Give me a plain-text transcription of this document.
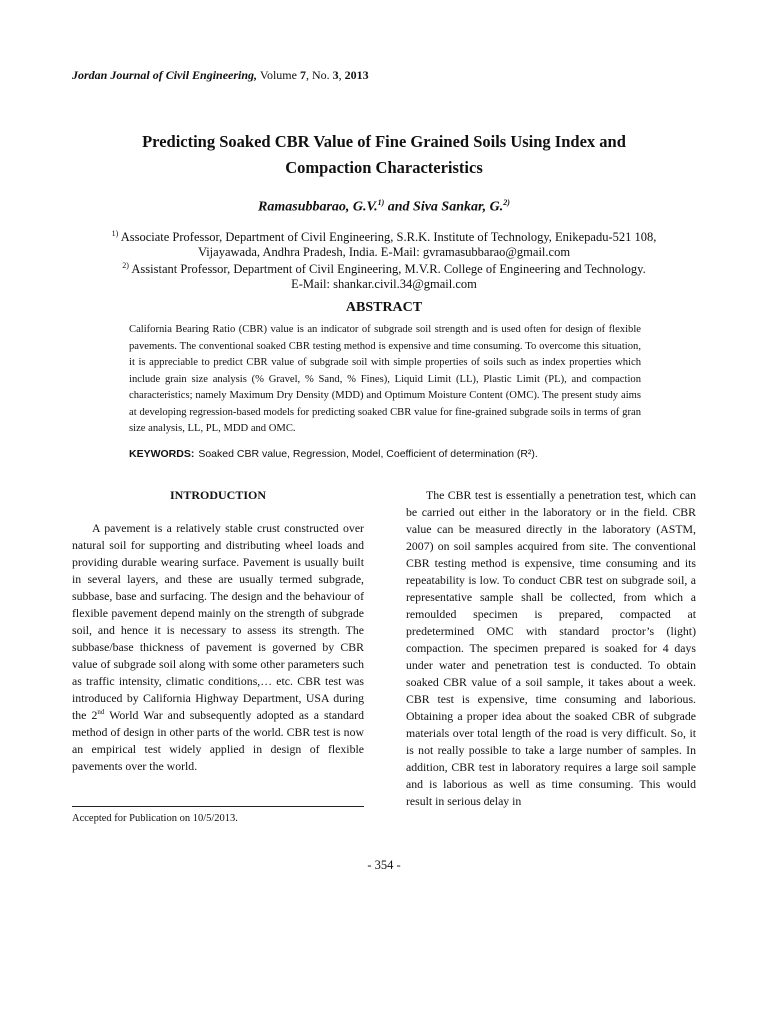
Jordan Journal of Civil Engineering, Volume 7, No. 3, 2013
Predicting Soaked CBR Value of Fine Grained Soils Using Index and
Compaction Characteristics
Ramasubbarao, G.V.$^{1)}$ and Siva Sankar, G.$^{2)}$
$^{1)}$ Associate Professor, Department of Civil Engineering, S.R.K. Institute of Technology, Enikepadu-521 108,
Vijayawada, Andhra Pradesh, India. E-Mail: gvramasubbarao@gmail.com
$^{2)}$ Assistant Professor, Department of Civil Engineering, M.V.R. College of Engineering and Technology.
E-Mail: shankar.civil.34@gmail.com
ABSTRACT
California Bearing Ratio (CBR) value is an indicator of subgrade soil strength and is used often for design of flexible pavements. The conventional soaked CBR testing method is expensive and time consuming. To overcome this situation, it is appreciable to predict CBR value of subgrade soil with simple properties of soils such as index properties which include grain size analysis (% Gravel, % Sand, % Fines), Liquid Limit (LL), Plastic Limit (PL), and compaction characteristics; namely Maximum Dry Density (MDD) and Optimum Moisture Content (OMC). The present study aims at developing regression-based models for predicting soaked CBR value for fine-grained subgrade soils in terms of gran size analysis, LL, PL, MDD and OMC.
KEYWORDS: Soaked CBR value, Regression, Model, Coefficient of determination (R²).
INTRODUCTION

A pavement is a relatively stable crust constructed over natural soil for supporting and distributing wheel loads and providing durable wearing surface. Pavement is usually built in several layers, and these are usually termed subgrade, subbase, base and surfacing. The design and the behaviour of flexible pavement depend mainly on the strength of subgrade soil, and hence it is necessary to assess its strength. The subbase/base thickness of pavement is governed by CBR value of subgrade soil along with some other parameters such as traffic intensity, climatic conditions,… etc. CBR test was introduced by California Highway Department, USA during the 2nd World War and subsequently adopted as a standard method of design in other parts of the world. CBR test is now an empirical test widely applied in design of flexible pavements over the world.

The CBR test is essentially a penetration test, which can be carried out either in the laboratory or in the field. CBR value can be measured directly in the laboratory (ASTM, 2007) on soil samples acquired from site. The conventional CBR testing method is expensive, time consuming and its repeatability is low. To conduct CBR test on subgrade soil, a representative sample shall be collected, from which a remoulded specimen is prepared, compacted at predetermined OMC with standard proctor’s (light) compaction. The specimen prepared is soaked for 4 days under water and penetration test is conducted. To obtain soaked CBR value of a soil sample, it takes about a week. CBR test is expensive, time consuming and laborious. Obtaining a proper idea about the soaked CBR of subgrade materials over total length of the road is very difficult. So, it is not really possible to take a large number of samples. In addition, CBR test in laboratory requires a large soil sample and is laborious as well as time consuming. This would result in serious delay in

Accepted for Publication on 10/5/2013.
- 354 -
